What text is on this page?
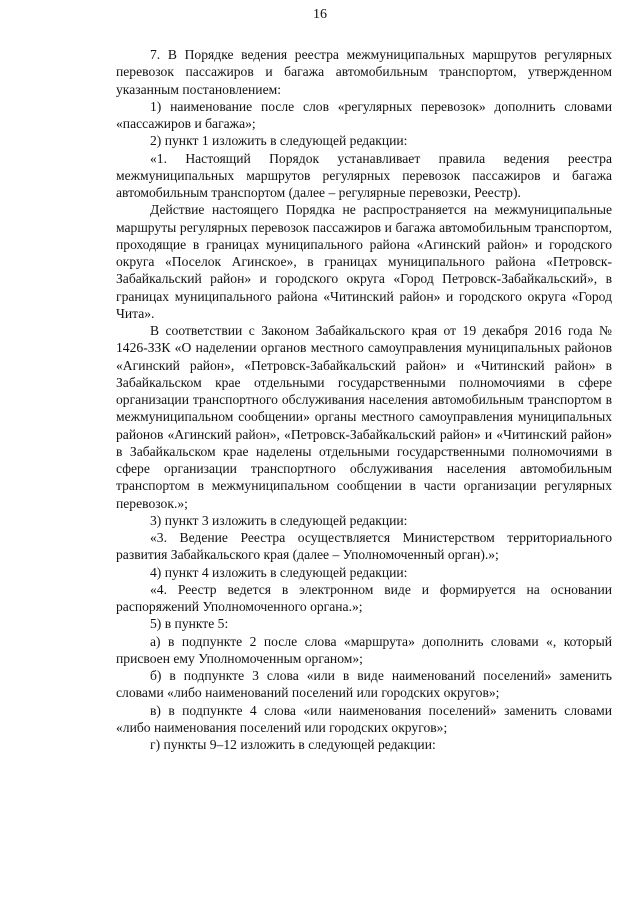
16

7. В Порядке ведения реестра межмуниципальных маршрутов регулярных перевозок пассажиров и багажа автомобильным транспортом, утвержденном указанным постановлением:

1) наименование после слов «регулярных перевозок» дополнить словами «пассажиров и багажа»;

2) пункт 1 изложить в следующей редакции:

«1. Настоящий Порядок устанавливает правила ведения реестра межмуниципальных маршрутов регулярных перевозок пассажиров и багажа автомобильным транспортом (далее – регулярные перевозки, Реестр).

Действие настоящего Порядка не распространяется на межмуниципальные маршруты регулярных перевозок пассажиров и багажа автомобильным транспортом, проходящие в границах муниципального района «Агинский район» и городского округа «Поселок Агинское», в границах муниципального района «Петровск-Забайкальский район» и городского округа «Город Петровск-Забайкальский», в границах муниципального района «Читинский район» и городского округа «Город Чита».

В соответствии с Законом Забайкальского края от 19 декабря 2016 года № 1426-ЗЗК «О наделении органов местного самоуправления муниципальных районов «Агинский район», «Петровск-Забайкальский район» и «Читинский район» в Забайкальском крае отдельными государственными полномочиями в сфере организации транспортного обслуживания населения автомобильным транспортом в межмуниципальном сообщении» органы местного самоуправления муниципальных районов «Агинский район», «Петровск-Забайкальский район» и «Читинский район» в Забайкальском крае наделены отдельными государственными полномочиями в сфере организации транспортного обслуживания населения автомобильным транспортом в межмуниципальном сообщении в части организации регулярных перевозок.»;

3) пункт 3 изложить в следующей редакции:

«3. Ведение Реестра осуществляется Министерством территориального развития Забайкальского края (далее – Уполномоченный орган).»;

4) пункт 4 изложить в следующей редакции:

«4. Реестр ведется в электронном виде и формируется на основании распоряжений Уполномоченного органа.»;

5) в пункте 5:

а) в подпункте 2 после слова «маршрута» дополнить словами «, который присвоен ему Уполномоченным органом»;

б) в подпункте 3 слова «или в виде наименований поселений» заменить словами «либо наименований поселений или городских округов»;

в) в подпункте 4 слова «или наименования поселений» заменить словами «либо наименования поселений или городских округов»;

г) пункты 9–12 изложить в следующей редакции:
